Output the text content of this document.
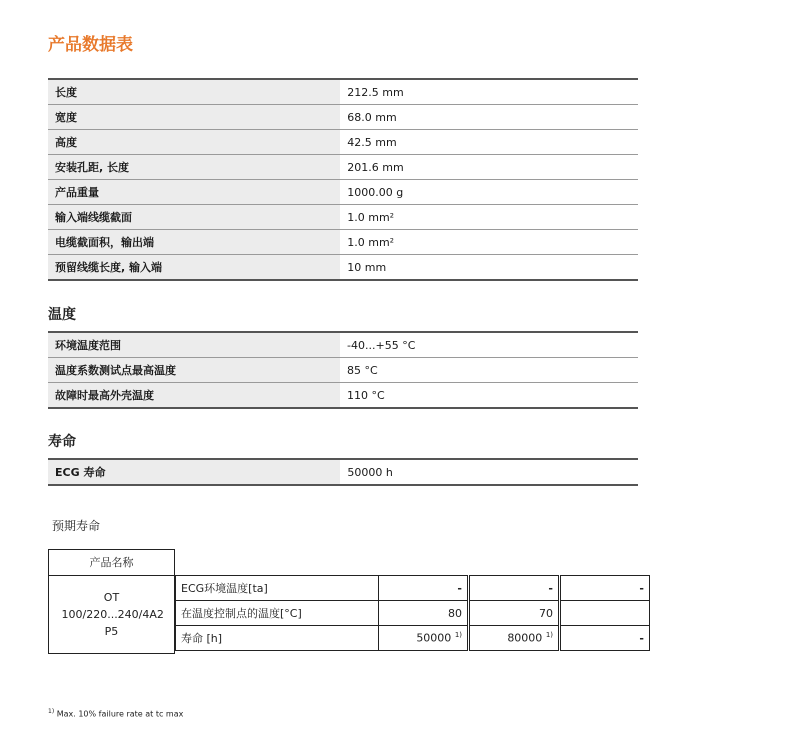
产品数据表
长度	212.5 mm
宽度	68.0 mm
高度	42.5 mm
安装孔距, 长度	201.6 mm
产品重量	1000.00 g
输入端线缆截面	1.0 mm²
电缆截面积，输出端	1.0 mm²
预留线缆长度, 输入端	10 mm
温度
环境温度范围	-40...+55 °C
温度系数测试点最高温度	85 °C
故障时最高外壳温度	110 °C
寿命
ECG 寿命	50000 h
预期寿命
产品名称
OT 100/220...240/4A2 P5
ECG环境温度[ta]	-		-		-
在温度控制点的温度[°C]	80		70		
寿命 [h]	50000 $^{1)}$		80000 $^{1)}$		-
$^{1)}$ Max. 10% failure rate at tc max
